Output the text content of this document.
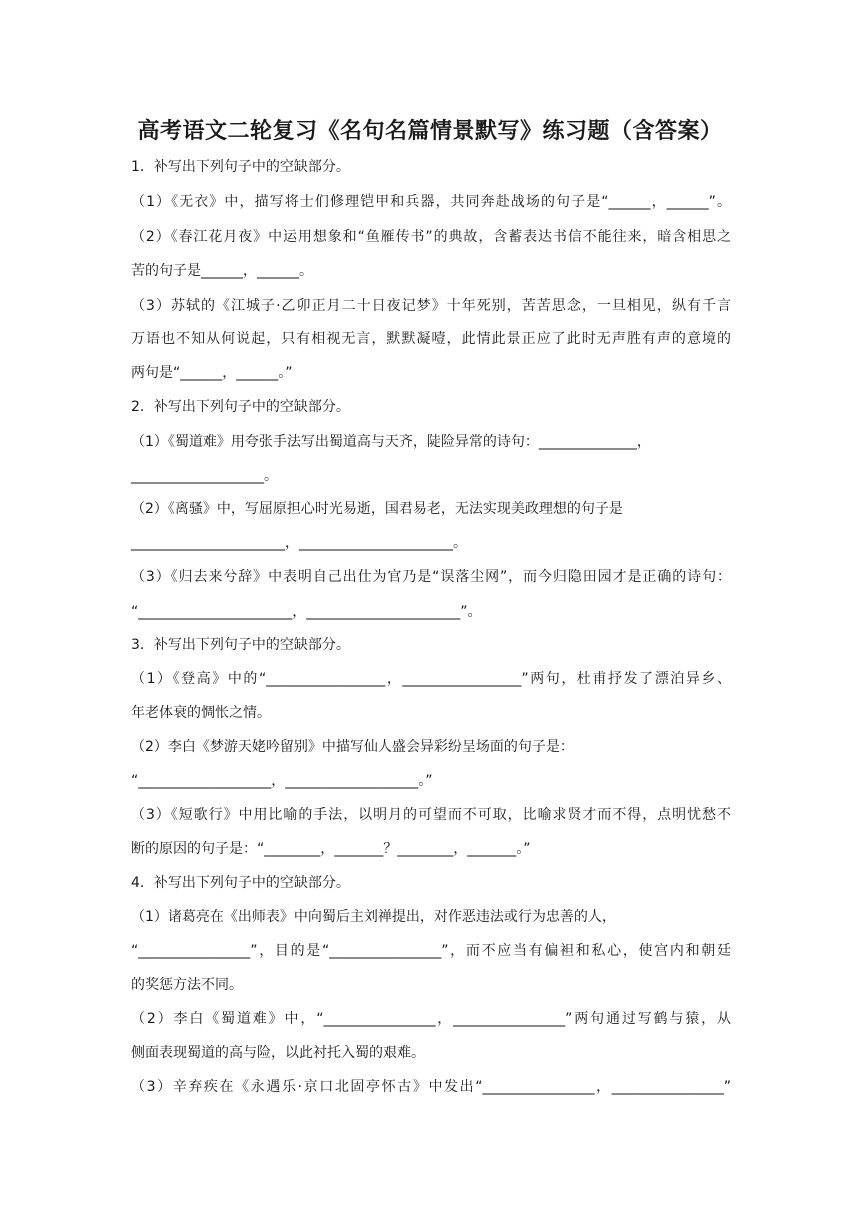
高考语文二轮复习《名句名篇情景默写》练习题（含答案）
1．补写出下列句子中的空缺部分。
（1）《无衣》中，描写将士们修理铠甲和兵器，共同奔赴战场的句子是“______，______”。
（2）《春江花月夜》中运用想象和“鱼雁传书”的典故，含蓄表达书信不能往来，暗含相思之
苦的句子是______，______。
（3）苏轼的《江城子·乙卯正月二十日夜记梦》十年死别，苦苦思念，一旦相见，纵有千言
万语也不知从何说起，只有相视无言，默默凝噎，此情此景正应了此时无声胜有声的意境的
两句是“______，______。”
2．补写出下列句子中的空缺部分。
（1）《蜀道难》用夸张手法写出蜀道高与天齐，陡险异常的诗句：______________，
___________________。
（2）《离骚》中，写屈原担心时光易逝，国君易老，无法实现美政理想的句子是
______________________，______________________。
（3）《归去来兮辞》中表明自己出仕为官乃是“误落尘网”，而今归隐田园才是正确的诗句：
“______________________，______________________”。
3．补写出下列句子中的空缺部分。
（1）《登高》中的“_________________，_________________”两句，杜甫抒发了漂泊异乡、
年老体衰的惆怅之情。
（2）李白《梦游天姥吟留别》中描写仙人盛会异彩纷呈场面的句子是：
“___________________，___________________。”
（3）《短歌行》中用比喻的手法，以明月的可望而不可取，比喻求贤才而不得，点明忧愁不
断的原因的句子是：“________，_______？________，_______。”
4．补写出下列句子中的空缺部分。
（1）诸葛亮在《出师表》中向蜀后主刘禅提出，对作恶违法或行为忠善的人，
“________________”，目的是“________________”，而不应当有偏袒和私心，使宫内和朝廷
的奖惩方法不同。
（2）李白《蜀道难》中，“________________，________________”两句通过写鹤与猿，从
侧面表现蜀道的高与险，以此衬托入蜀的艰难。
（3）辛弃疾在《永遇乐·京口北固亭怀古》中发出“________________，________________”
